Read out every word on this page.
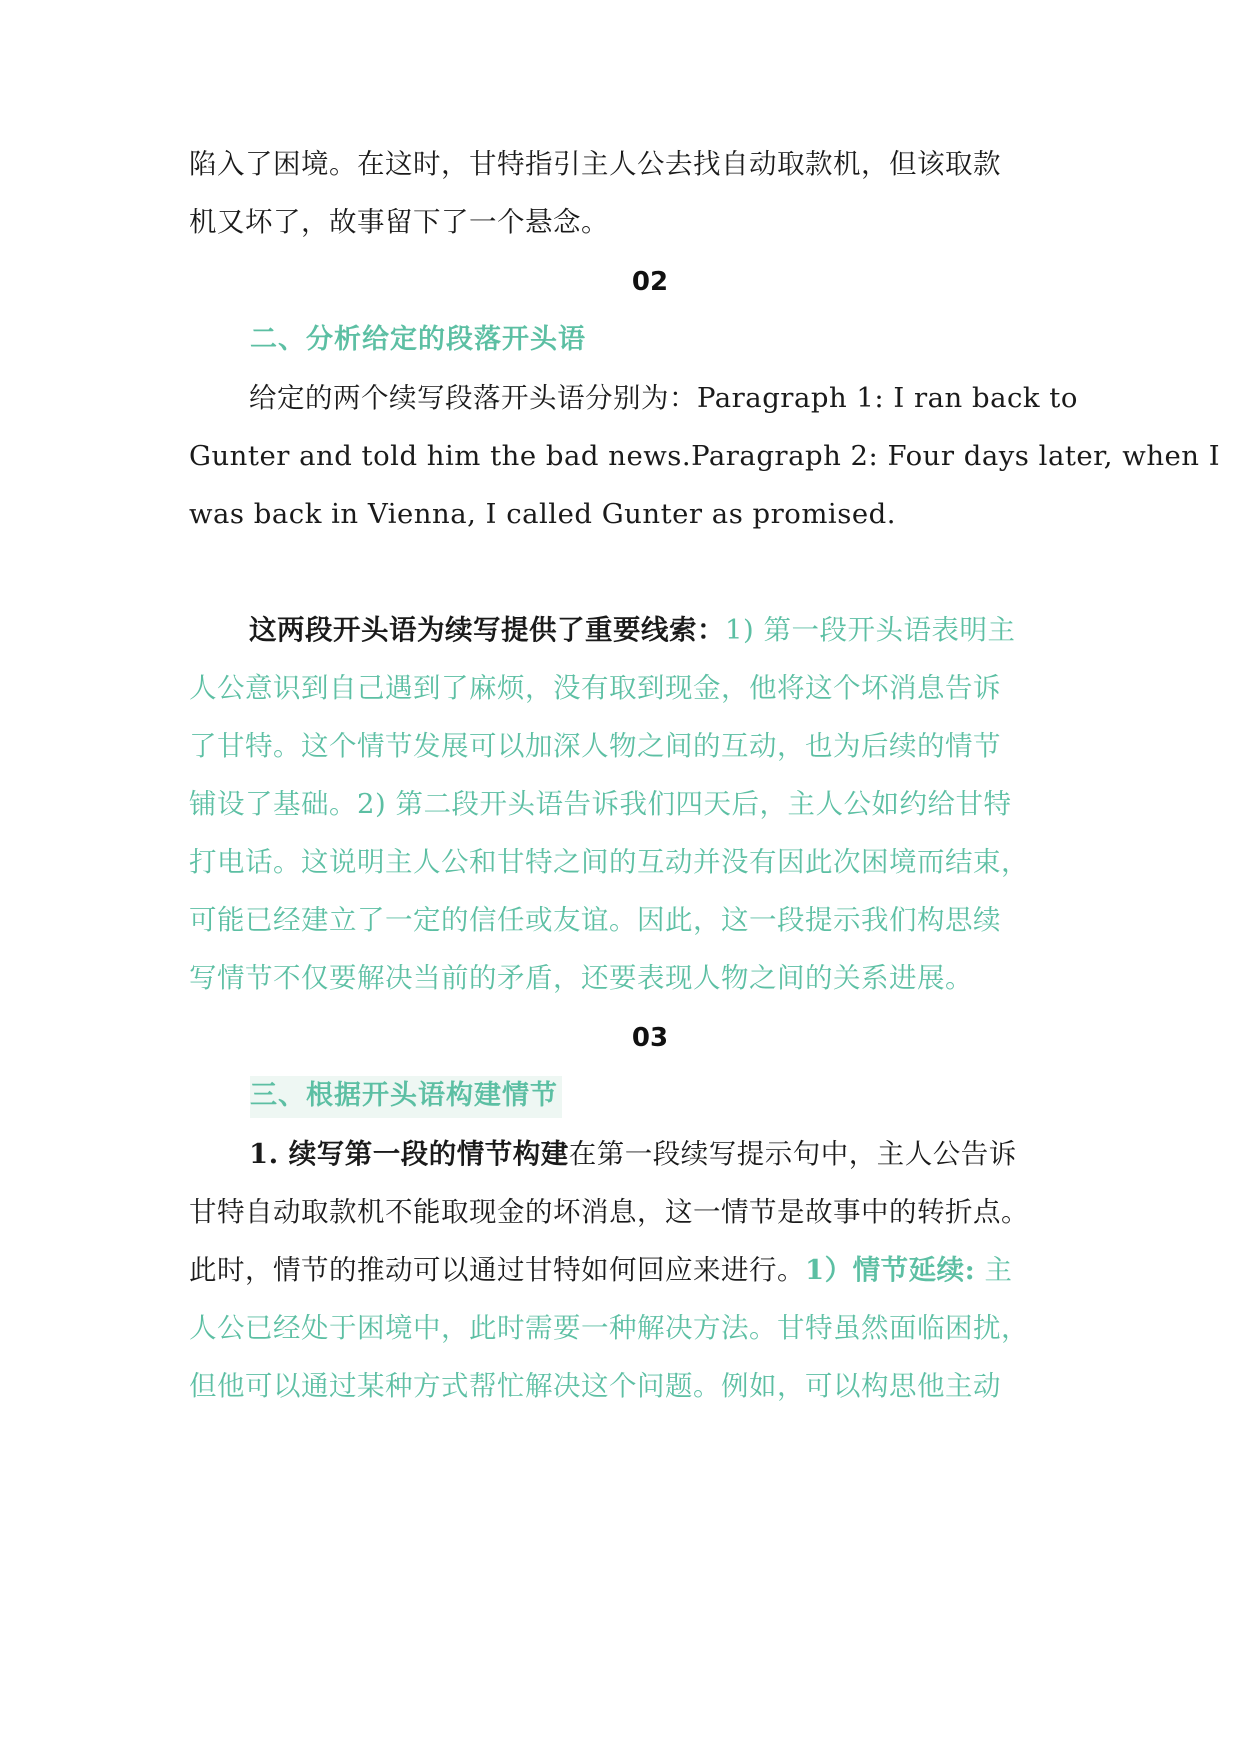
陷入了困境。在这时，甘特指引主人公去找自动取款机，但该取款
机又坏了，故事留下了一个悬念。
02
二、分析给定的段落开头语
给定的两个续写段落开头语分别为：Paragraph 1: I ran back to
Gunter and told him the bad news.Paragraph 2: Four days later, when I
was back in Vienna, I called Gunter as promised.
这两段开头语为续写提供了重要线索：1) 第一段开头语表明主
人公意识到自己遇到了麻烦，没有取到现金，他将这个坏消息告诉
了甘特。这个情节发展可以加深人物之间的互动，也为后续的情节
铺设了基础。2) 第二段开头语告诉我们四天后，主人公如约给甘特
打电话。这说明主人公和甘特之间的互动并没有因此次困境而结束，
可能已经建立了一定的信任或友谊。因此，这一段提示我们构思续
写情节不仅要解决当前的矛盾，还要表现人物之间的关系进展。
03
三、根据开头语构建情节
1. 续写第一段的情节构建在第一段续写提示句中，主人公告诉
甘特自动取款机不能取现金的坏消息，这一情节是故事中的转折点。
此时，情节的推动可以通过甘特如何回应来进行。1）情节延续: 主
人公已经处于困境中，此时需要一种解决方法。甘特虽然面临困扰，
但他可以通过某种方式帮忙解决这个问题。例如，可以构思他主动
